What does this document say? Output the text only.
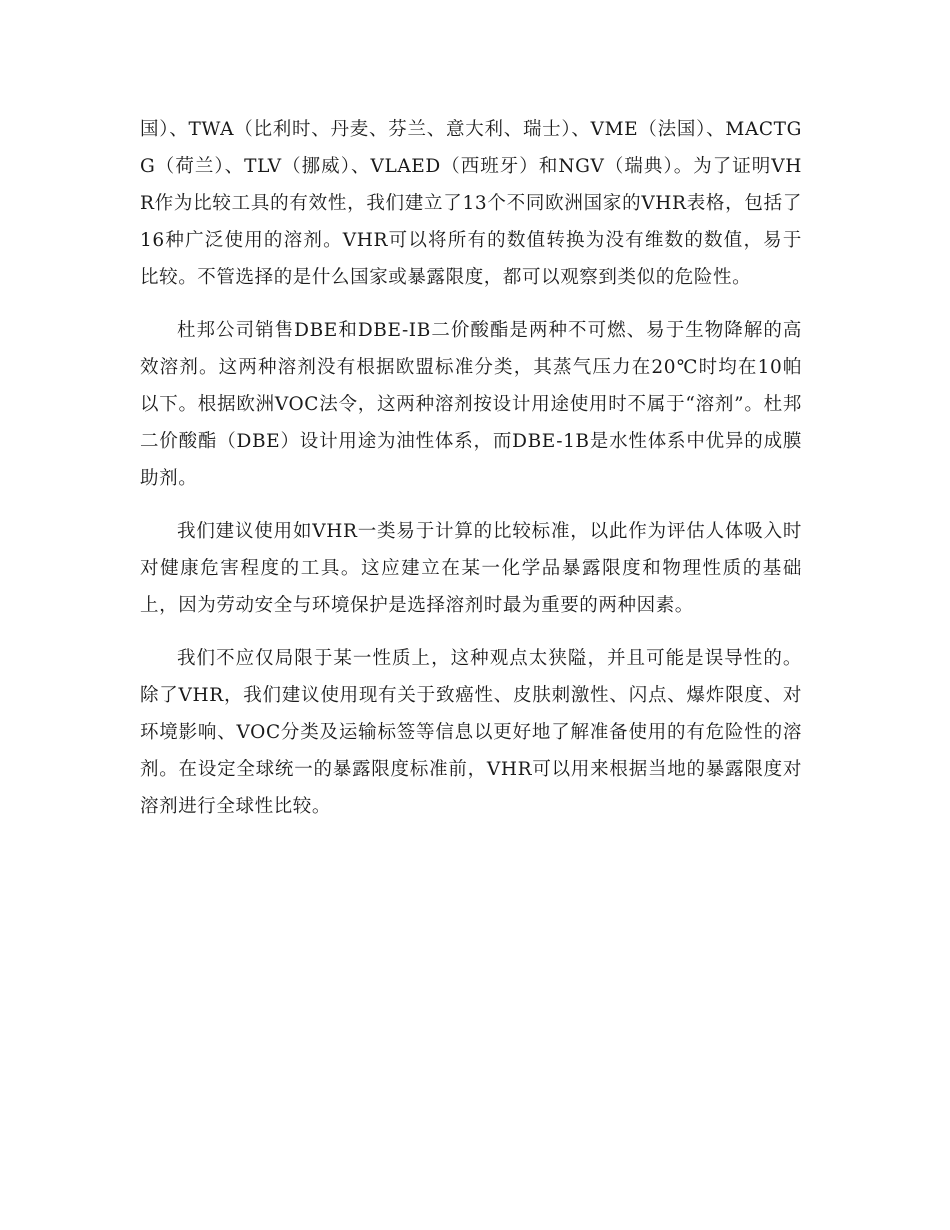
国）、TWA（比利时、丹麦、芬兰、意大利、瑞士）、VME（法国）、MACTGG（荷兰）、TLV（挪威）、VLAED（西班牙）和NGV（瑞典）。为了证明VHR作为比较工具的有效性，我们建立了13个不同欧洲国家的VHR表格，包括了16种广泛使用的溶剂。VHR可以将所有的数值转换为没有维数的数值，易于比较。不管选择的是什么国家或暴露限度，都可以观察到类似的危险性。

杜邦公司销售DBE和DBE-IB二价酸酯是两种不可燃、易于生物降解的高效溶剂。这两种溶剂没有根据欧盟标准分类，其蒸气压力在20℃时均在10帕以下。根据欧洲VOC法令，这两种溶剂按设计用途使用时不属于“溶剂”。杜邦二价酸酯（DBE）设计用途为油性体系，而DBE-1B是水性体系中优异的成膜助剂。

我们建议使用如VHR一类易于计算的比较标准，以此作为评估人体吸入时对健康危害程度的工具。这应建立在某一化学品暴露限度和物理性质的基础上，因为劳动安全与环境保护是选择溶剂时最为重要的两种因素。

我们不应仅局限于某一性质上，这种观点太狭隘，并且可能是误导性的。除了VHR，我们建议使用现有关于致癌性、皮肤刺激性、闪点、爆炸限度、对环境影响、VOC分类及运输标签等信息以更好地了解准备使用的有危险性的溶剂。在设定全球统一的暴露限度标准前，VHR可以用来根据当地的暴露限度对溶剂进行全球性比较。
